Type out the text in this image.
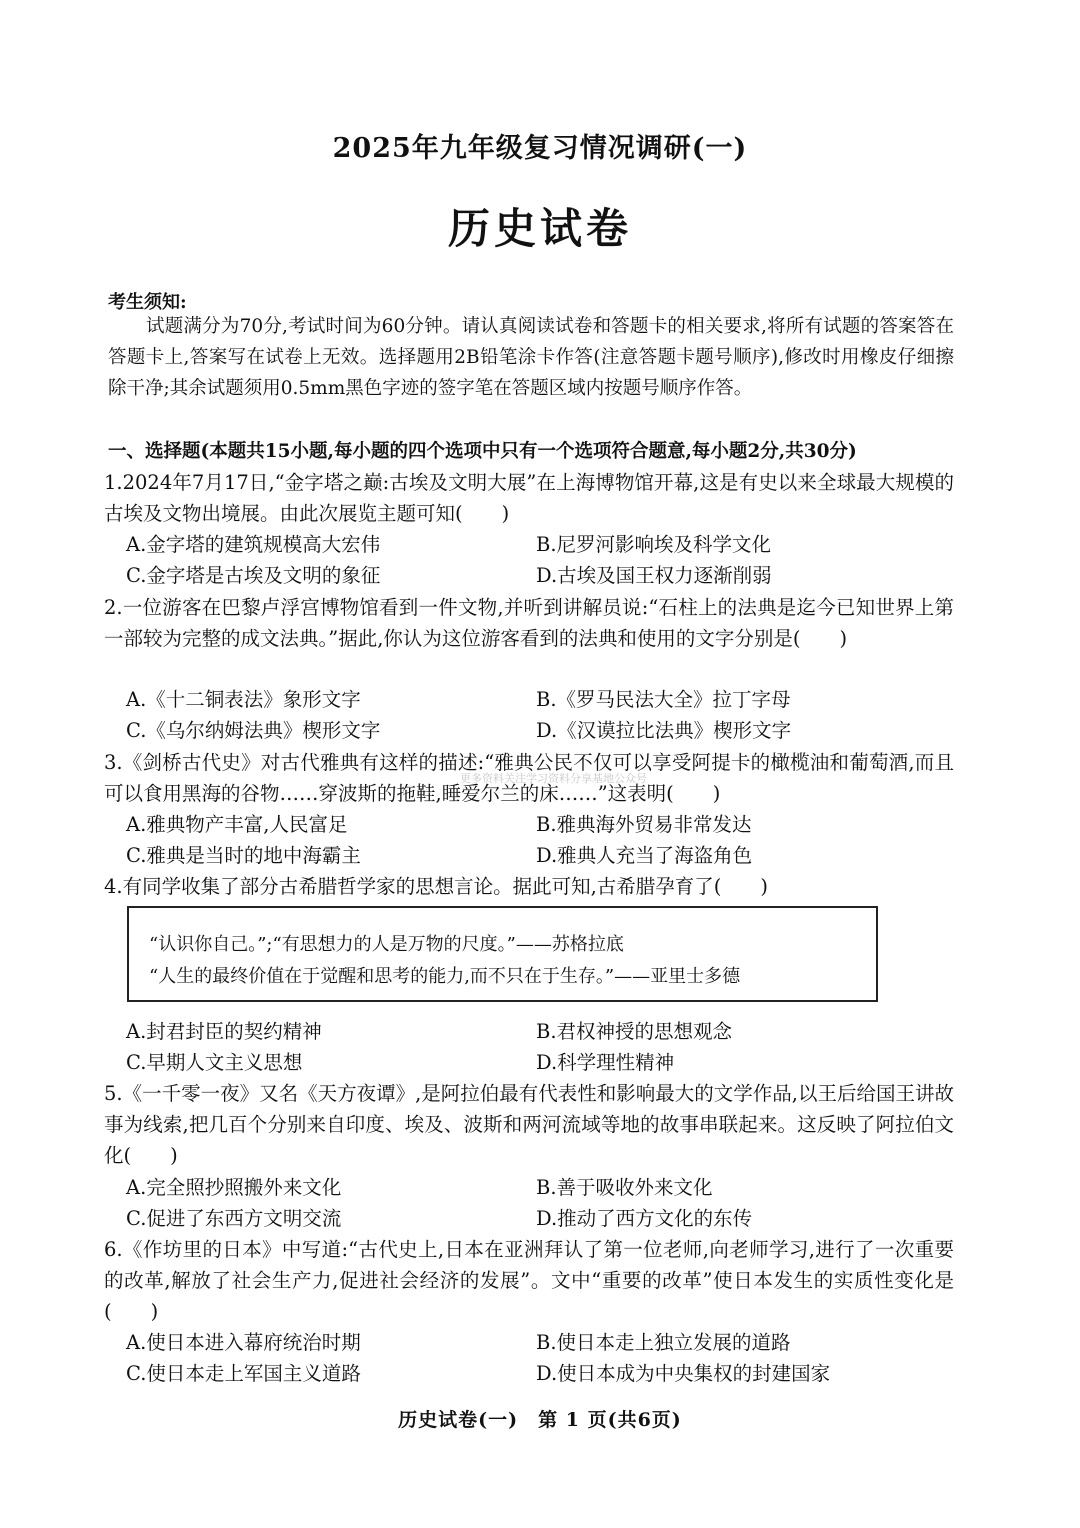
2025年九年级复习情况调研(一)
历史试卷
考生须知:
试题满分为70分,考试时间为60分钟。请认真阅读试卷和答题卡的相关要求,将所有试题的答案答在答题卡上,答案写在试卷上无效。选择题用2B铅笔涂卡作答(注意答题卡题号顺序),修改时用橡皮仔细擦除干净;其余试题须用0.5mm黑色字迹的签字笔在答题区域内按题号顺序作答。
一、选择题(本题共15小题,每小题的四个选项中只有一个选项符合题意,每小题2分,共30分)
1.2024年7月17日,“金字塔之巅:古埃及文明大展”在上海博物馆开幕,这是有史以来全球最大规模的古埃及文物出境展。由此次展览主题可知(　　)
A.金字塔的建筑规模高大宏伟	B.尼罗河影响埃及科学文化
C.金字塔是古埃及文明的象征	D.古埃及国王权力逐渐削弱
2.一位游客在巴黎卢浮宫博物馆看到一件文物,并听到讲解员说:“石柱上的法典是迄今已知世界上第一部较为完整的成文法典。”据此,你认为这位游客看到的法典和使用的文字分别是(　　)
A.《十二铜表法》象形文字	B.《罗马民法大全》拉丁字母
C.《乌尔纳姆法典》楔形文字	D.《汉谟拉比法典》楔形文字
3.《剑桥古代史》对古代雅典有这样的描述:“雅典公民不仅可以享受阿提卡的橄榄油和葡萄酒,而且可以食用黑海的谷物……穿波斯的拖鞋,睡爱尔兰的床……”这表明(　　)
A.雅典物产丰富,人民富足	B.雅典海外贸易非常发达
C.雅典是当时的地中海霸主	D.雅典人充当了海盗角色
4.有同学收集了部分古希腊哲学家的思想言论。据此可知,古希腊孕育了(　　)
“认识你自己。”;“有思想力的人是万物的尺度。”——苏格拉底
“人生的最终价值在于觉醒和思考的能力,而不只在于生存。”——亚里士多德
A.封君封臣的契约精神	B.君权神授的思想观念
C.早期人文主义思想	D.科学理性精神
5.《一千零一夜》又名《天方夜谭》,是阿拉伯最有代表性和影响最大的文学作品,以王后给国王讲故事为线索,把几百个分别来自印度、埃及、波斯和两河流域等地的故事串联起来。这反映了阿拉伯文化(　　)
A.完全照抄照搬外来文化	B.善于吸收外来文化
C.促进了东西方文明交流	D.推动了西方文化的东传
6.《作坊里的日本》中写道:“古代史上,日本在亚洲拜认了第一位老师,向老师学习,进行了一次重要的改革,解放了社会生产力,促进社会经济的发展”。文中“重要的改革”使日本发生的实质性变化是(　　)
A.使日本进入幕府统治时期	B.使日本走上独立发展的道路
C.使日本走上军国主义道路	D.使日本成为中央集权的封建国家
更多资料关注学习资料分享基地公众号
历史试卷(一)　第 1 页(共6页)
